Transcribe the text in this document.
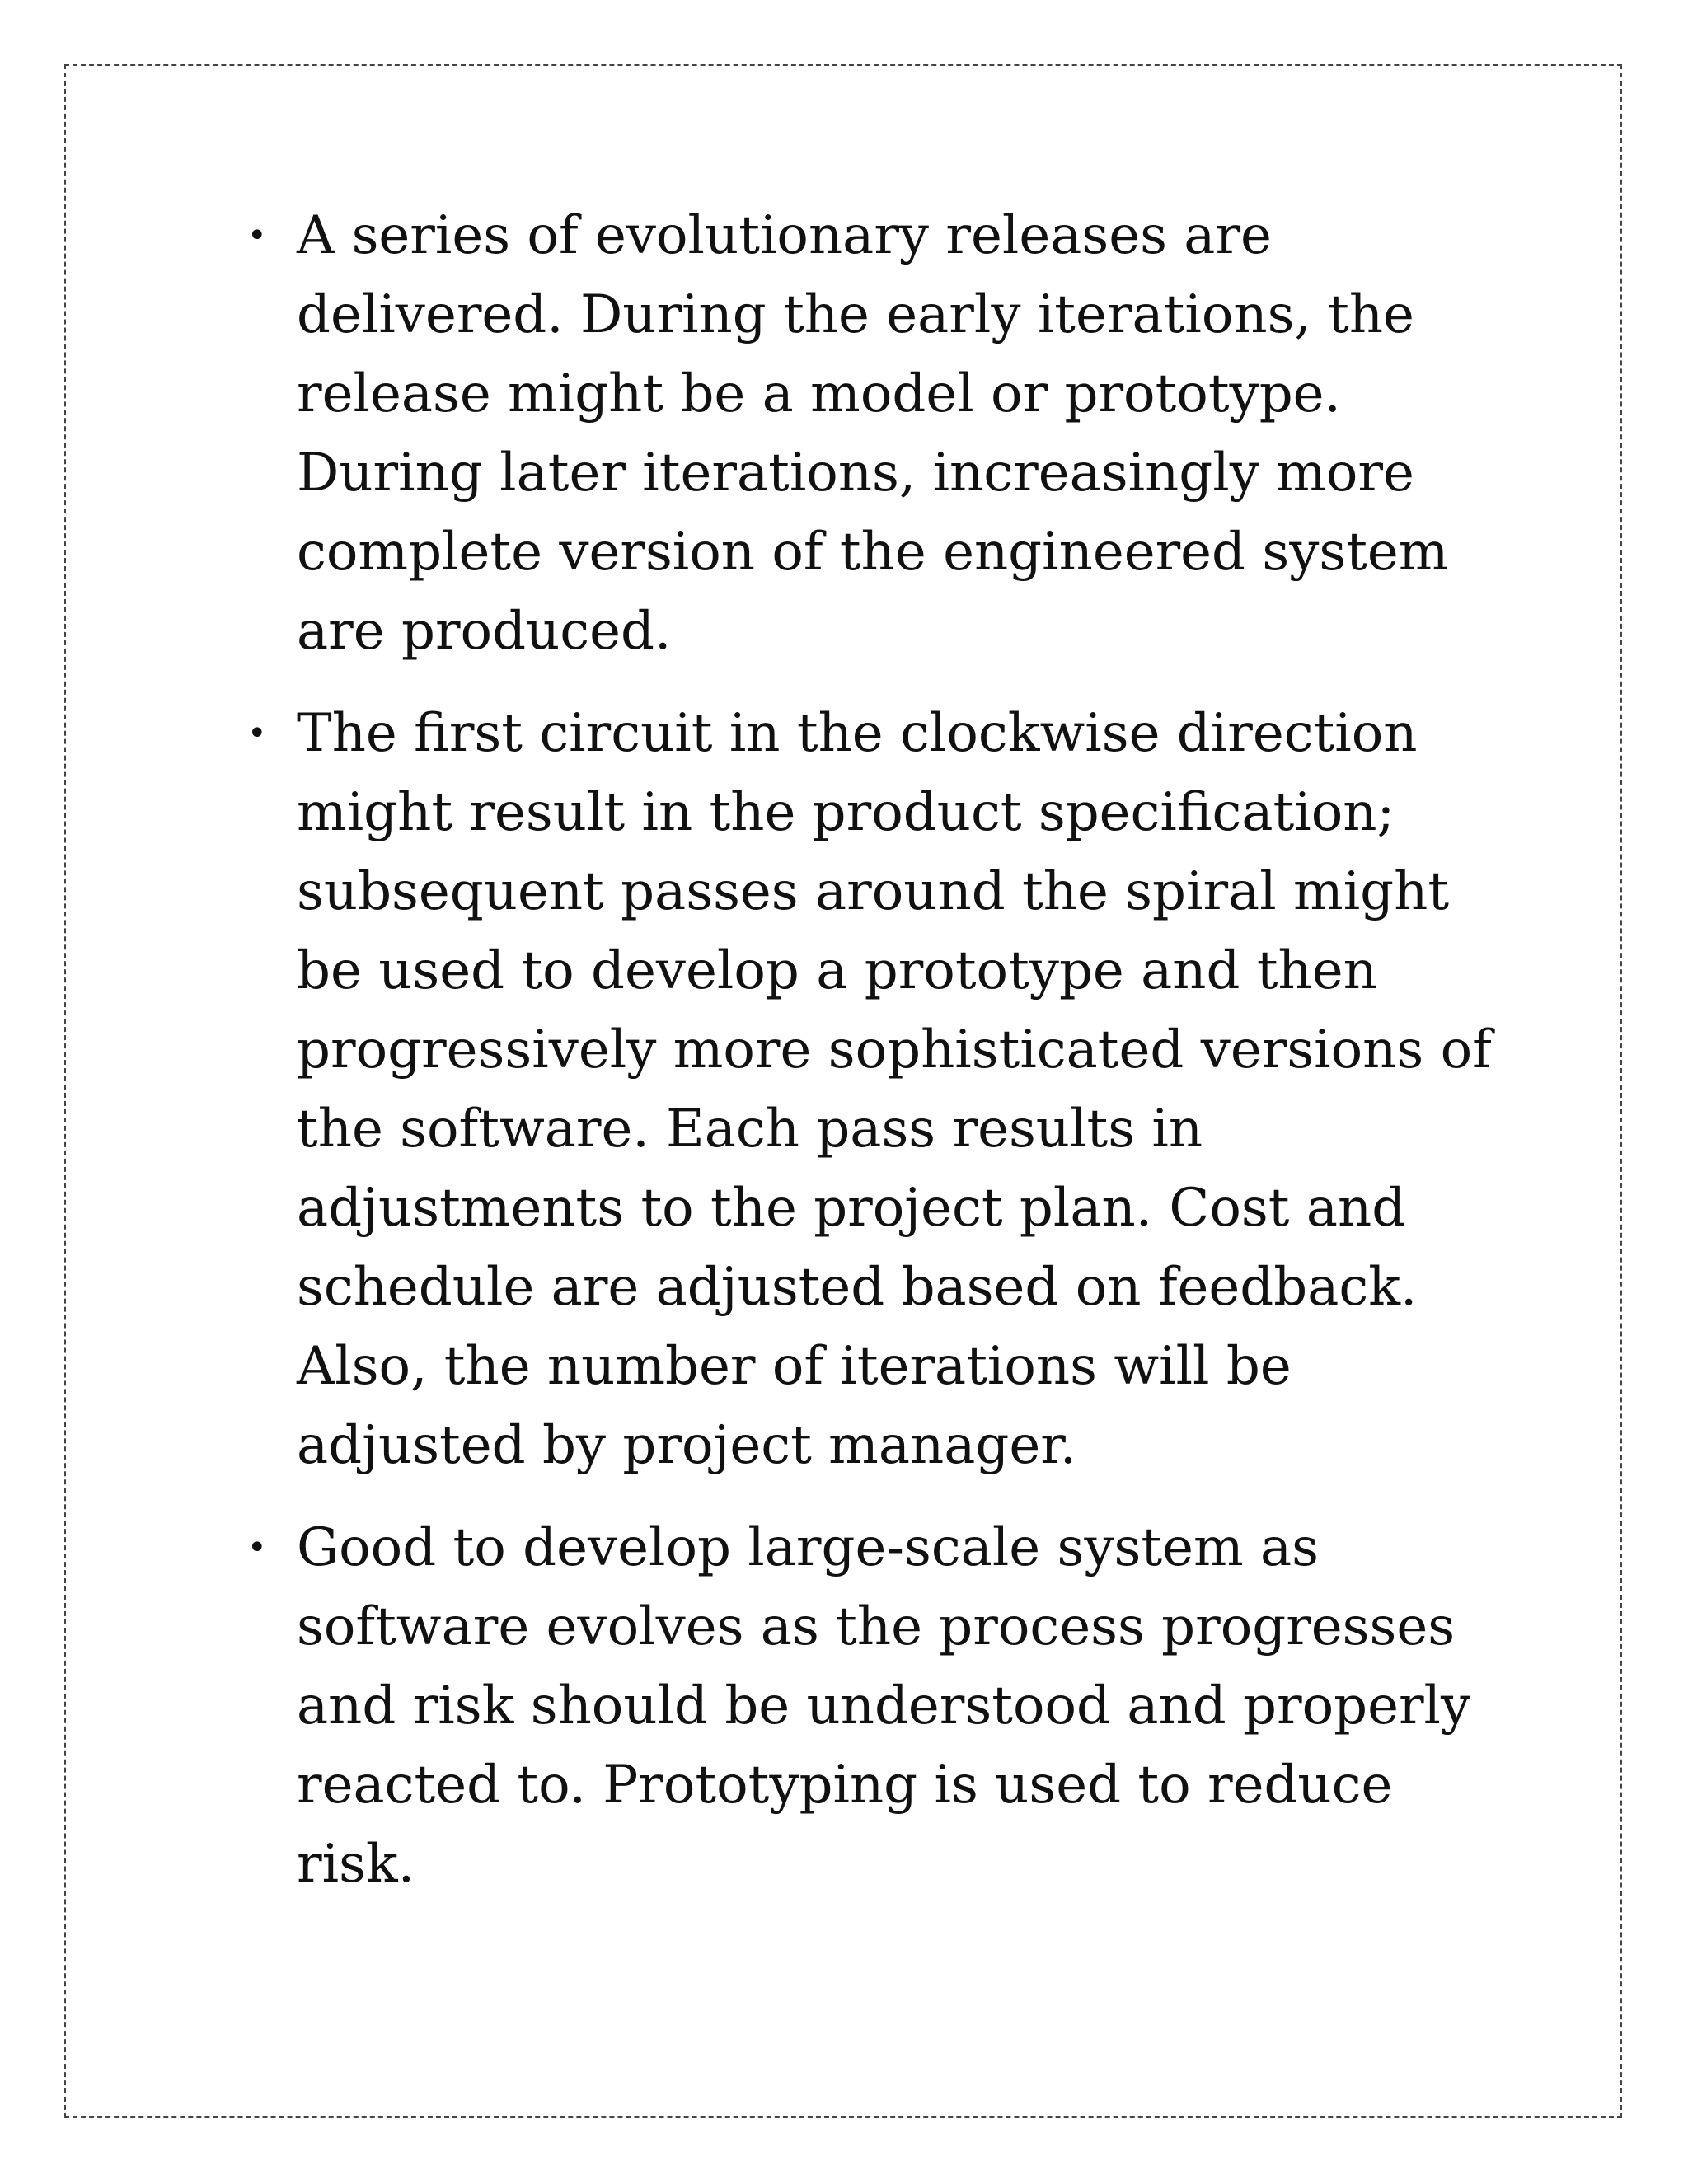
• A series of evolutionary releases are delivered. During the early iterations, the release might be a model or prototype. During later iterations, increasingly more complete version of the engineered system are produced.
• The first circuit in the clockwise direction might result in the product specification; subsequent passes around the spiral might be used to develop a prototype and then progressively more sophisticated versions of the software. Each pass results in adjustments to the project plan. Cost and schedule are adjusted based on feedback. Also, the number of iterations will be adjusted by project manager.
• Good to develop large-scale system as software evolves as the process progresses and risk should be understood and properly reacted to. Prototyping is used to reduce risk.
